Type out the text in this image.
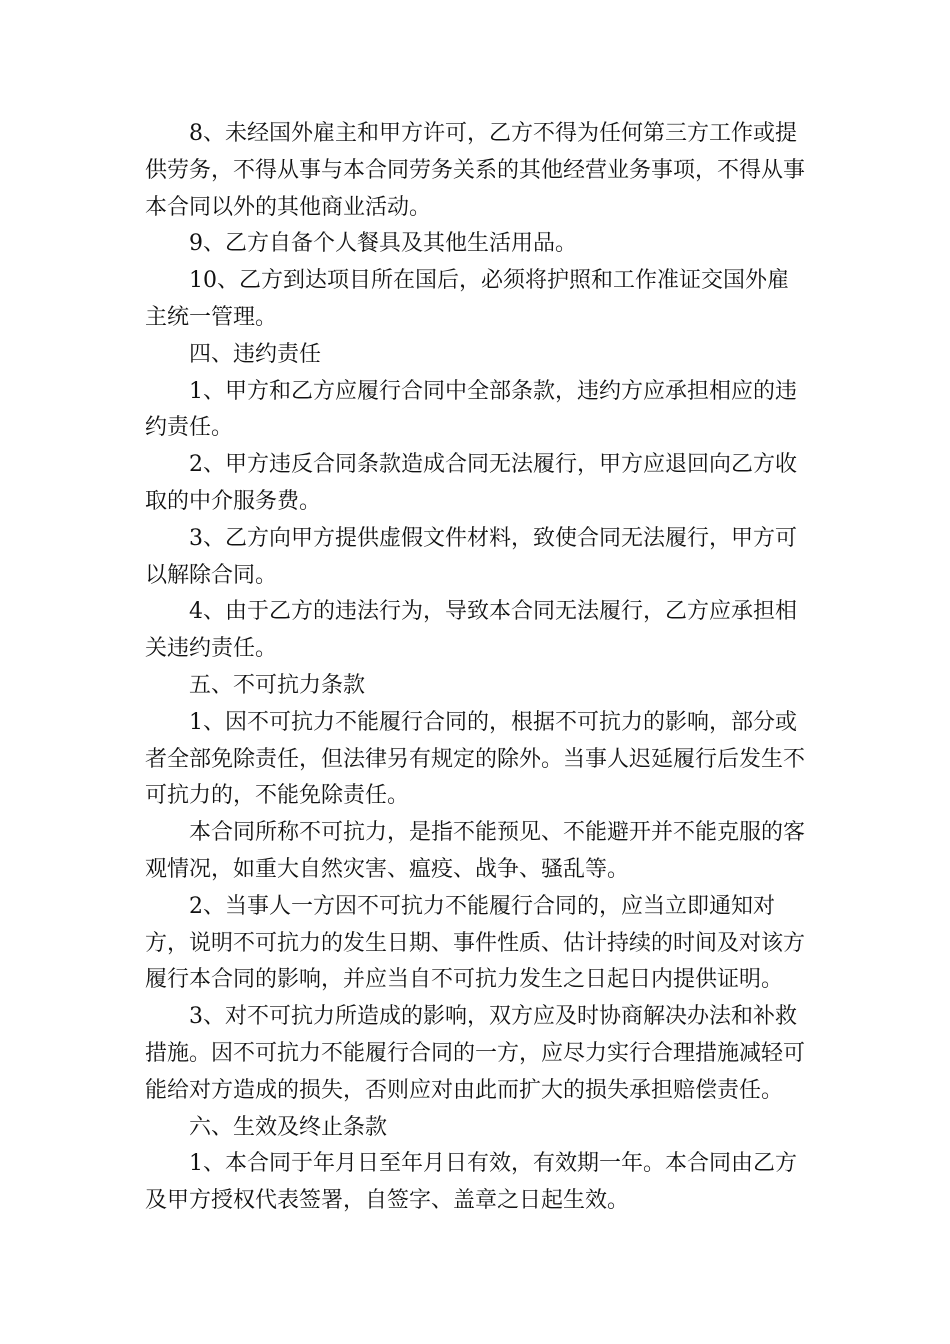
8、未经国外雇主和甲方许可，乙方不得为任何第三方工作或提供劳务，不得从事与本合同劳务关系的其他经营业务事项，不得从事本合同以外的其他商业活动。

9、乙方自备个人餐具及其他生活用品。

10、乙方到达项目所在国后，必须将护照和工作准证交国外雇主统一管理。

四、违约责任

1、甲方和乙方应履行合同中全部条款，违约方应承担相应的违约责任。

2、甲方违反合同条款造成合同无法履行，甲方应退回向乙方收取的中介服务费。

3、乙方向甲方提供虚假文件材料，致使合同无法履行，甲方可以解除合同。

4、由于乙方的违法行为，导致本合同无法履行，乙方应承担相关违约责任。

五、不可抗力条款

1、因不可抗力不能履行合同的，根据不可抗力的影响，部分或者全部免除责任，但法律另有规定的除外。当事人迟延履行后发生不可抗力的，不能免除责任。

本合同所称不可抗力，是指不能预见、不能避开并不能克服的客观情况，如重大自然灾害、瘟疫、战争、骚乱等。

2、当事人一方因不可抗力不能履行合同的，应当立即通知对方，说明不可抗力的发生日期、事件性质、估计持续的时间及对该方履行本合同的影响，并应当自不可抗力发生之日起日内提供证明。

3、对不可抗力所造成的影响，双方应及时协商解决办法和补救措施。因不可抗力不能履行合同的一方，应尽力实行合理措施减轻可能给对方造成的损失，否则应对由此而扩大的损失承担赔偿责任。

六、生效及终止条款

1、本合同于年月日至年月日有效，有效期一年。本合同由乙方及甲方授权代表签署，自签字、盖章之日起生效。
